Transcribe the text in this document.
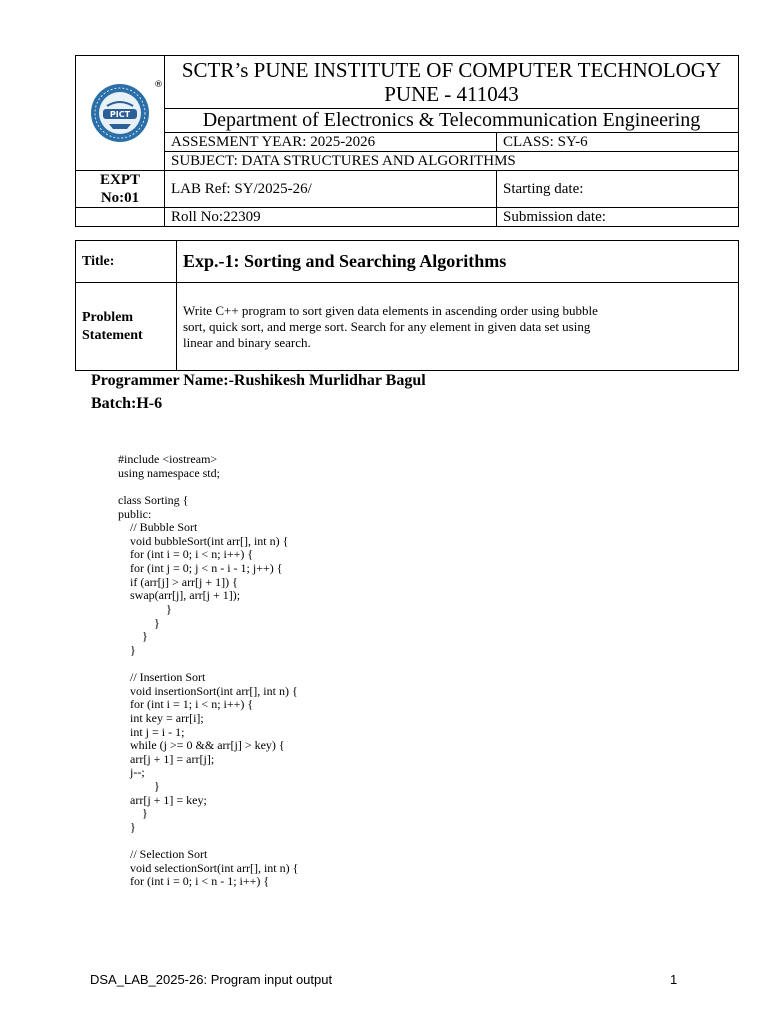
PICT
®	SCTR’s PUNE INSTITUTE OF COMPUTER TECHNOLOGY PUNE - 411043	
	Department of Electronics & Telecommunication Engineering	
	ASSESMENT YEAR: 2025-2026	CLASS: SY-6
	SUBJECT: DATA STRUCTURES AND ALGORITHMS	
EXPT No:01	LAB Ref: SY/2025-26/	Starting date:
	Roll No:22309	Submission date:
Title:	Exp.-1: Sorting and Searching Algorithms
Problem Statement	Write C++ program to sort given data elements in ascending order using bubble sort, quick sort, and merge sort. Search for any element in given data set using linear and binary search.
Programmer Name:-Rushikesh Murlidhar Bagul
Batch:H-6
#include <iostream>
using namespace std;

class Sorting {
public:
// Bubble Sort
void bubbleSort(int arr[], int n) {
for (int i = 0; i < n; i++) {
for (int j = 0; j < n - i - 1; j++) {
if (arr[j] > arr[j + 1]) {
swap(arr[j], arr[j + 1]);
}
}
}
}

// Insertion Sort
void insertionSort(int arr[], int n) {
for (int i = 1; i < n; i++) {
int key = arr[i];
int j = i - 1;
while (j >= 0 && arr[j] > key) {
arr[j + 1] = arr[j];
j--;
}
arr[j + 1] = key;
}
}

// Selection Sort
void selectionSort(int arr[], int n) {
for (int i = 0; i < n - 1; i++) {
DSA_LAB_2025-26: Program input output	1
